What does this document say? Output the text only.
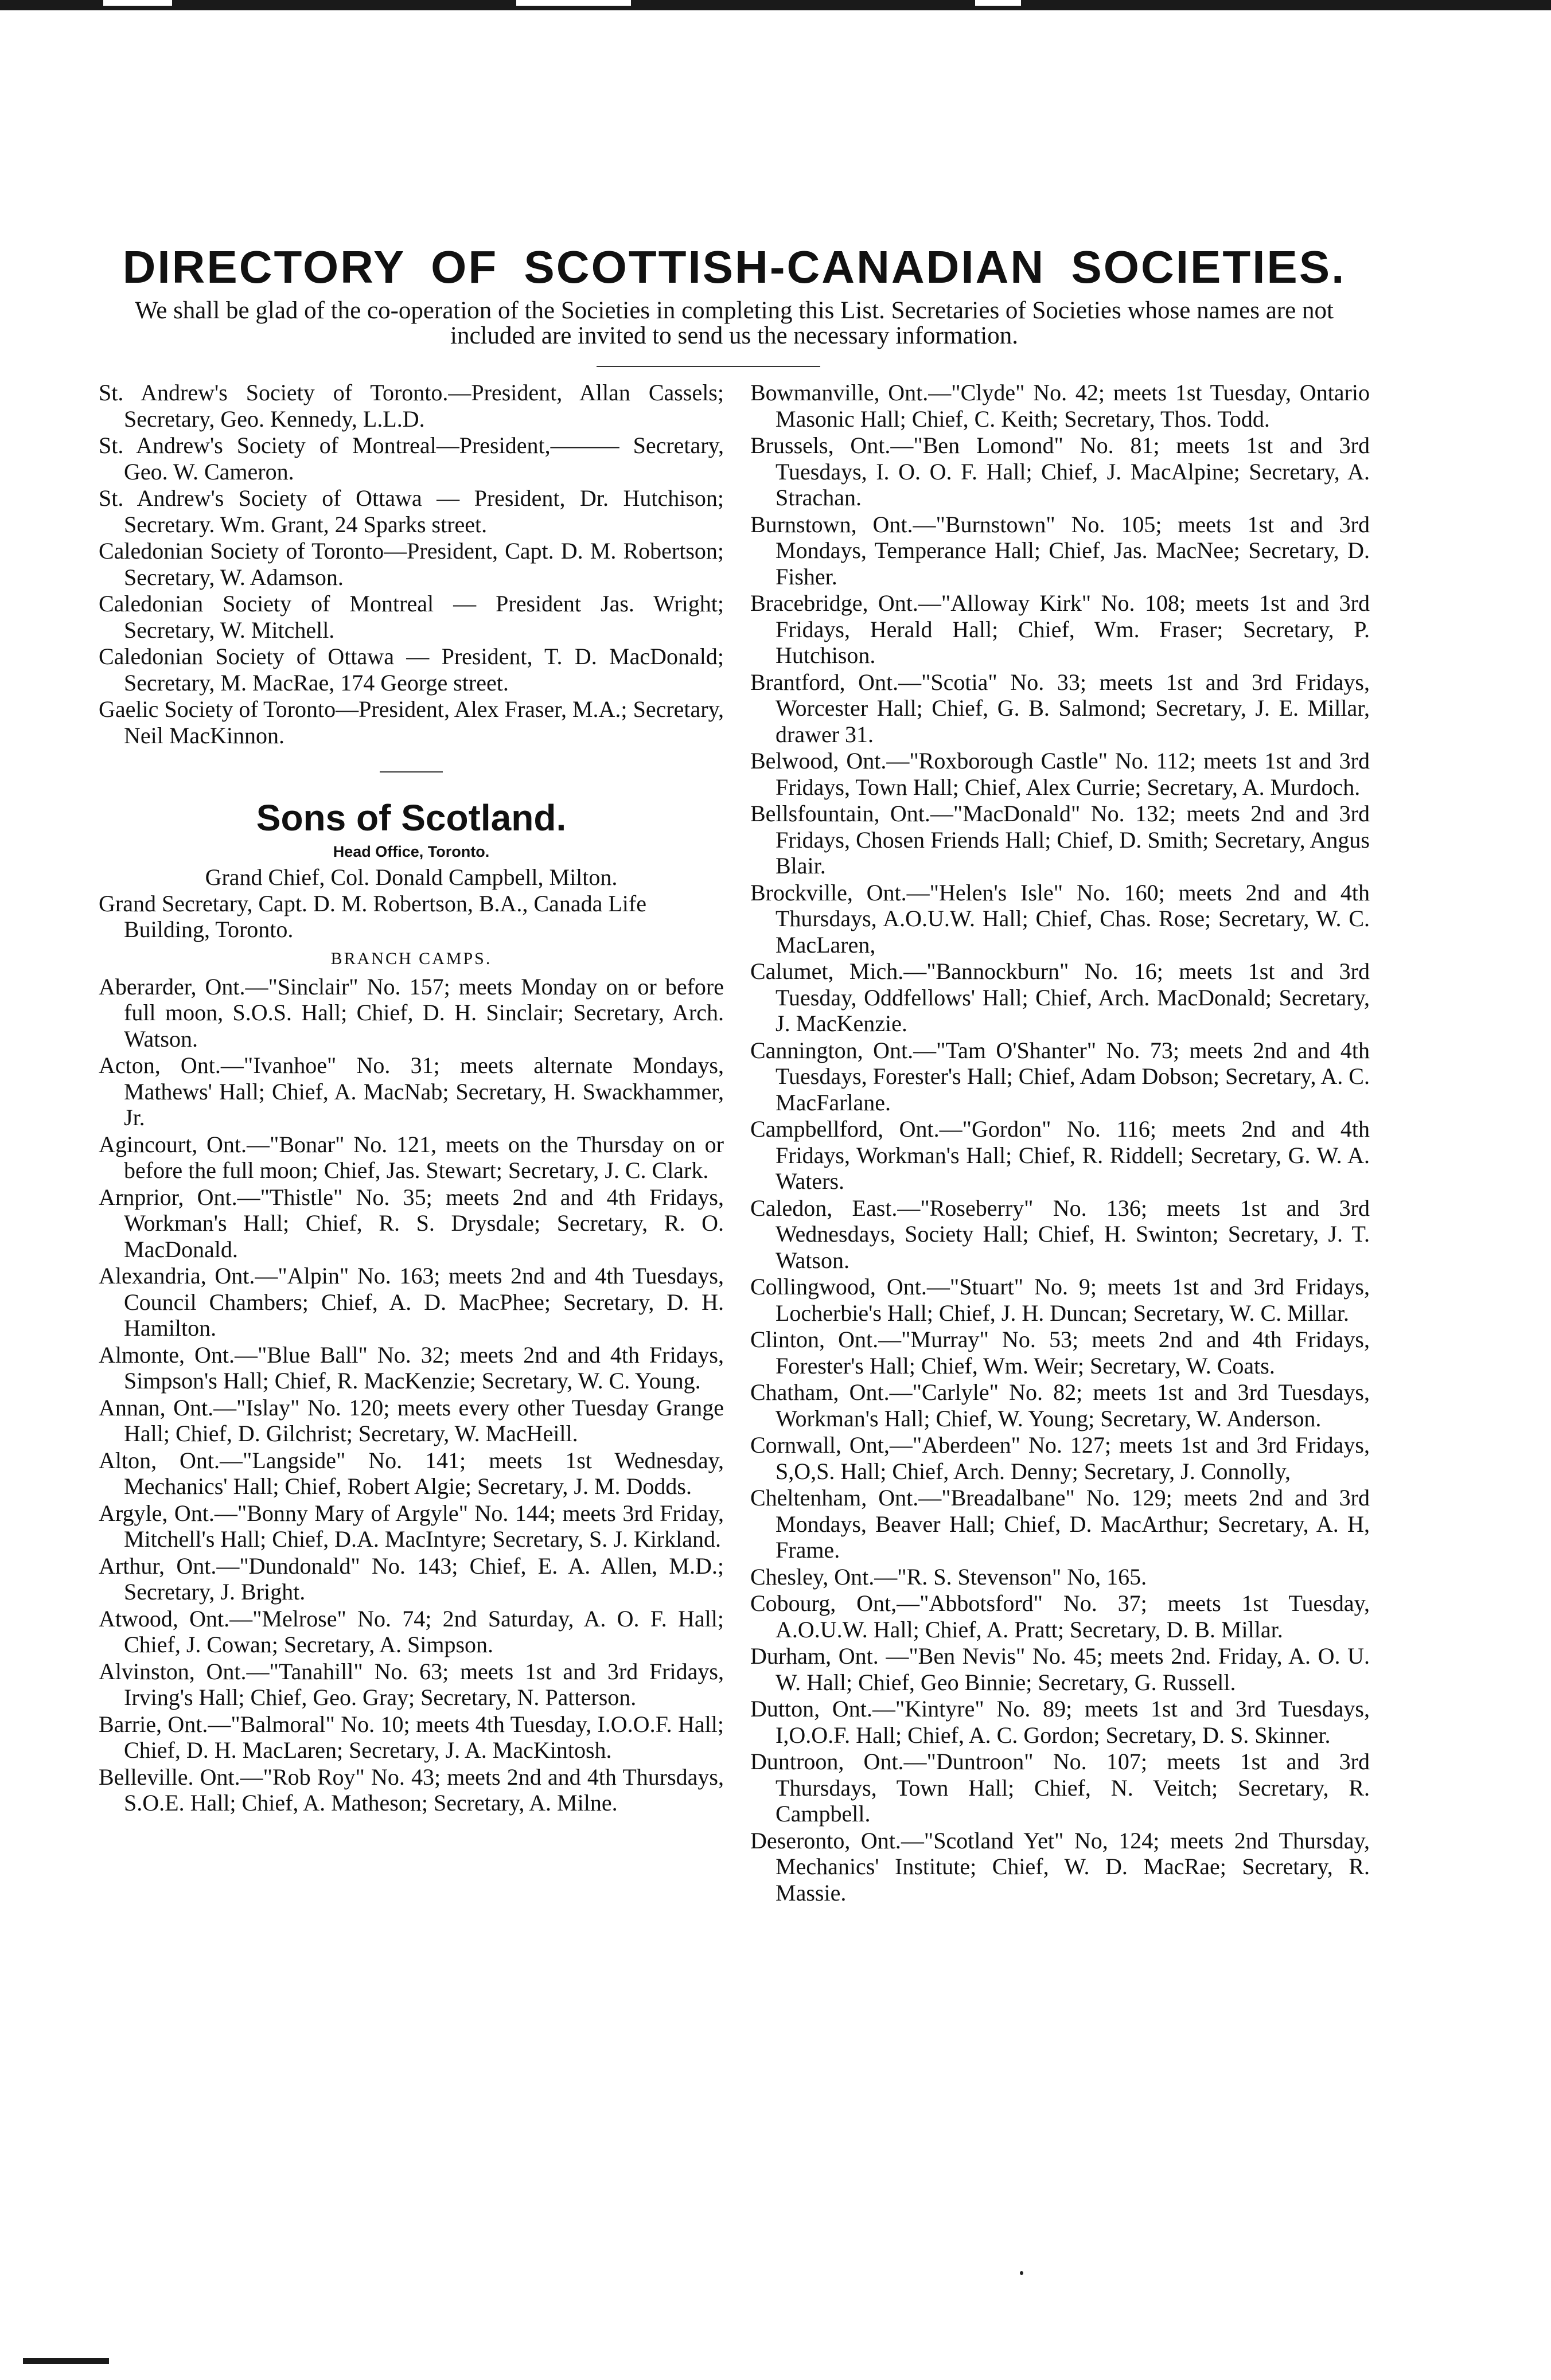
DIRECTORY OF SCOTTISH-CANADIAN SOCIETIES.

We shall be glad of the co-operation of the Societies in completing this List. Secretaries of Societies whose names are not included are invited to send us the necessary information.

St. Andrew's Society of Toronto.—President, Allan Cassels; Secretary, Geo. Kennedy, L.L.D.

St. Andrew's Society of Montreal—President,——— Secretary, Geo. W. Cameron.

St. Andrew's Society of Ottawa — President, Dr. Hutchison; Secretary. Wm. Grant, 24 Sparks street.

Caledonian Society of Toronto—President, Capt. D. M. Robertson; Secretary, W. Adamson.

Caledonian Society of Montreal — President Jas. Wright; Secretary, W. Mitchell.

Caledonian Society of Ottawa — President, T. D. MacDonald; Secretary, M. MacRae, 174 George street.

Gaelic Society of Toronto—President, Alex Fraser, M.A.; Secretary, Neil MacKinnon.

Sons of Scotland.
Head Office, Toronto.

Grand Chief, Col. Donald Campbell, Milton.

Grand Secretary, Capt. D. M. Robertson, B.A., Canada Life Building, Toronto.

BRANCH CAMPS.

Aberarder, Ont.—"Sinclair" No. 157; meets Monday on or before full moon, S.O.S. Hall; Chief, D. H. Sinclair; Secretary, Arch. Watson.

Acton, Ont.—"Ivanhoe" No. 31; meets alternate Mondays, Mathews' Hall; Chief, A. MacNab; Secretary, H. Swackhammer, Jr.

Agincourt, Ont.—"Bonar" No. 121, meets on the Thursday on or before the full moon; Chief, Jas. Stewart; Secretary, J. C. Clark.

Arnprior, Ont.—"Thistle" No. 35; meets 2nd and 4th Fridays, Workman's Hall; Chief, R. S. Drysdale; Secretary, R. O. MacDonald.

Alexandria, Ont.—"Alpin" No. 163; meets 2nd and 4th Tuesdays, Council Chambers; Chief, A. D. MacPhee; Secretary, D. H. Hamilton.

Almonte, Ont.—"Blue Ball" No. 32; meets 2nd and 4th Fridays, Simpson's Hall; Chief, R. MacKenzie; Secretary, W. C. Young.

Annan, Ont.—"Islay" No. 120; meets every other Tuesday Grange Hall; Chief, D. Gilchrist; Secretary, W. MacHeill.

Alton, Ont.—"Langside" No. 141; meets 1st Wednesday, Mechanics' Hall; Chief, Robert Algie; Secretary, J. M. Dodds.

Argyle, Ont.—"Bonny Mary of Argyle" No. 144; meets 3rd Friday, Mitchell's Hall; Chief, D.A. MacIntyre; Secretary, S. J. Kirkland.

Arthur, Ont.—"Dundonald" No. 143; Chief, E. A. Allen, M.D.; Secretary, J. Bright.

Atwood, Ont.—"Melrose" No. 74; 2nd Saturday, A. O. F. Hall; Chief, J. Cowan; Secretary, A. Simpson.

Alvinston, Ont.—"Tanahill" No. 63; meets 1st and 3rd Fridays, Irving's Hall; Chief, Geo. Gray; Secretary, N. Patterson.

Barrie, Ont.—"Balmoral" No. 10; meets 4th Tuesday, I.O.O.F. Hall; Chief, D. H. MacLaren; Secretary, J. A. MacKintosh.

Belleville. Ont.—"Rob Roy" No. 43; meets 2nd and 4th Thursdays, S.O.E. Hall; Chief, A. Matheson; Secretary, A. Milne.

Bowmanville, Ont.—"Clyde" No. 42; meets 1st Tuesday, Ontario Masonic Hall; Chief, C. Keith; Secretary, Thos. Todd.

Brussels, Ont.—"Ben Lomond" No. 81; meets 1st and 3rd Tuesdays, I. O. O. F. Hall; Chief, J. MacAlpine; Secretary, A. Strachan.

Burnstown, Ont.—"Burnstown" No. 105; meets 1st and 3rd Mondays, Temperance Hall; Chief, Jas. MacNee; Secretary, D. Fisher.

Bracebridge, Ont.—"Alloway Kirk" No. 108; meets 1st and 3rd Fridays, Herald Hall; Chief, Wm. Fraser; Secretary, P. Hutchison.

Brantford, Ont.—"Scotia" No. 33; meets 1st and 3rd Fridays, Worcester Hall; Chief, G. B. Salmond; Secretary, J. E. Millar, drawer 31.

Belwood, Ont.—"Roxborough Castle" No. 112; meets 1st and 3rd Fridays, Town Hall; Chief, Alex Currie; Secretary, A. Murdoch.

Bellsfountain, Ont.—"MacDonald" No. 132; meets 2nd and 3rd Fridays, Chosen Friends Hall; Chief, D. Smith; Secretary, Angus Blair.

Brockville, Ont.—"Helen's Isle" No. 160; meets 2nd and 4th Thursdays, A.O.U.W. Hall; Chief, Chas. Rose; Secretary, W. C. MacLaren,

Calumet, Mich.—"Bannockburn" No. 16; meets 1st and 3rd Tuesday, Oddfellows' Hall; Chief, Arch. MacDonald; Secretary, J. MacKenzie.

Cannington, Ont.—"Tam O'Shanter" No. 73; meets 2nd and 4th Tuesdays, Forester's Hall; Chief, Adam Dobson; Secretary, A. C. MacFarlane.

Campbellford, Ont.—"Gordon" No. 116; meets 2nd and 4th Fridays, Workman's Hall; Chief, R. Riddell; Secretary, G. W. A. Waters.

Caledon, East.—"Roseberry" No. 136; meets 1st and 3rd Wednesdays, Society Hall; Chief, H. Swinton; Secretary, J. T. Watson.

Collingwood, Ont.—"Stuart" No. 9; meets 1st and 3rd Fridays, Locherbie's Hall; Chief, J. H. Duncan; Secretary, W. C. Millar.

Clinton, Ont.—"Murray" No. 53; meets 2nd and 4th Fridays, Forester's Hall; Chief, Wm. Weir; Secretary, W. Coats.

Chatham, Ont.—"Carlyle" No. 82; meets 1st and 3rd Tuesdays, Workman's Hall; Chief, W. Young; Secretary, W. Anderson.

Cornwall, Ont,—"Aberdeen" No. 127; meets 1st and 3rd Fridays, S,O,S. Hall; Chief, Arch. Denny; Secretary, J. Connolly,

Cheltenham, Ont.—"Breadalbane" No. 129; meets 2nd and 3rd Mondays, Beaver Hall; Chief, D. MacArthur; Secretary, A. H, Frame.

Chesley, Ont.—"R. S. Stevenson" No, 165.

Cobourg, Ont,—"Abbotsford" No. 37; meets 1st Tuesday, A.O.U.W. Hall; Chief, A. Pratt; Secretary, D. B. Millar.

Durham, Ont. —"Ben Nevis" No. 45; meets 2nd. Friday, A. O. U. W. Hall; Chief, Geo Binnie; Secretary, G. Russell.

Dutton, Ont.—"Kintyre" No. 89; meets 1st and 3rd Tuesdays, I,O.O.F. Hall; Chief, A. C. Gordon; Secretary, D. S. Skinner.

Duntroon, Ont.—"Duntroon" No. 107; meets 1st and 3rd Thursdays, Town Hall; Chief, N. Veitch; Secretary, R. Campbell.

Deseronto, Ont.—"Scotland Yet" No, 124; meets 2nd Thursday, Mechanics' Institute; Chief, W. D. MacRae; Secretary, R. Massie.
